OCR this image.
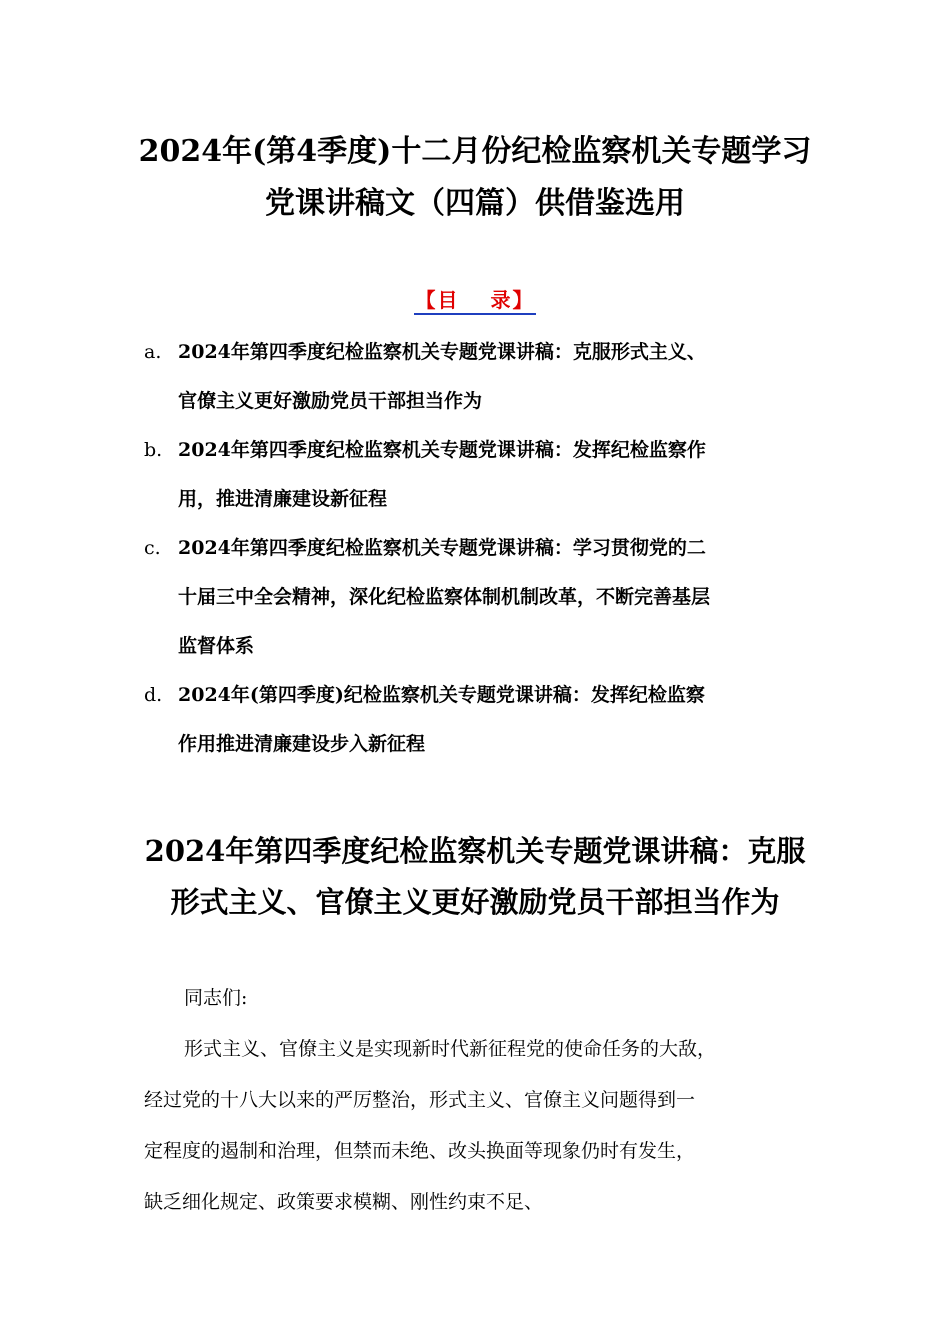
2024年(第4季度)十二月份纪检监察机关专题学习
党课讲稿文（四篇）供借鉴选用
【目　 录】
a. 2024年第四季度纪检监察机关专题党课讲稿：克服形式主义、
官僚主义更好激励党员干部担当作为
b. 2024年第四季度纪检监察机关专题党课讲稿：发挥纪检监察作
用，推进清廉建设新征程
c. 2024年第四季度纪检监察机关专题党课讲稿：学习贯彻党的二
十届三中全会精神，深化纪检监察体制机制改革，不断完善基层
监督体系
d. 2024年(第四季度)纪检监察机关专题党课讲稿：发挥纪检监察
作用推进清廉建设步入新征程
2024年第四季度纪检监察机关专题党课讲稿：克服
形式主义、官僚主义更好激励党员干部担当作为
同志们:
形式主义、官僚主义是实现新时代新征程党的使命任务的大敌，
经过党的十八大以来的严厉整治，形式主义、官僚主义问题得到一
定程度的遏制和治理，但禁而未绝、改头换面等现象仍时有发生，
缺乏细化规定、政策要求模糊、刚性约束不足、
